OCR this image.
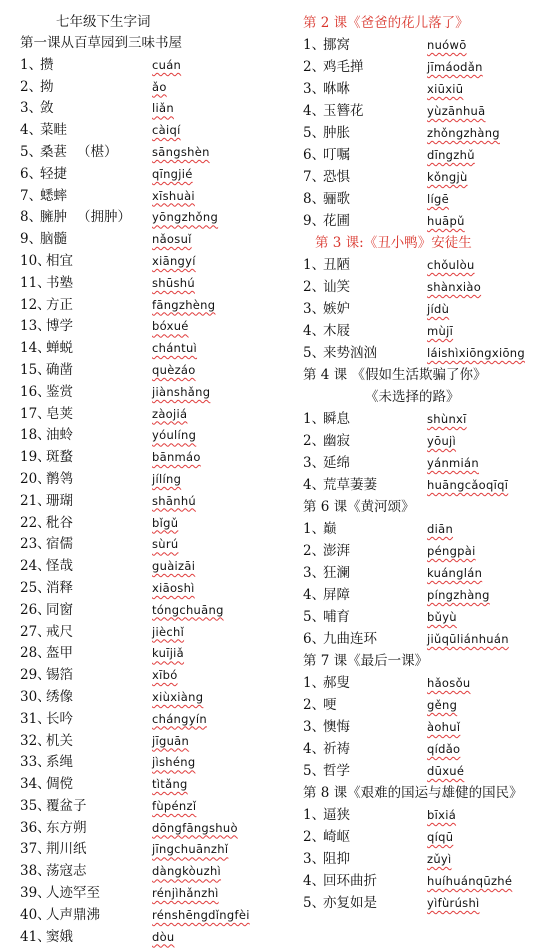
七年级下生字词
第一课从百草园到三味书屋
1、
攒	cuán
2、
拗	ǎo
3、
敛	liǎn
4、
菜畦	càiqí
5、
桑葚 （椹）	sāngshèn
6、
轻捷	qīngjié
7、
蟋蟀	xīshuài
8、
臃肿 （拥肿） yōngzhǒng
9、
脑髓	nǎosuǐ
10、
相宜	xiāngyí
11、
书塾	shūshú
12、
方正	fāngzhèng
13、
博学	bóxué
14、
蝉蜕	chántuì
15、
确凿	quèzáo
16、
鉴赏	jiànshǎng
17、
皂荚	zàojiá
18、
油蛉	yóulíng
19、
斑蝥	bānmáo
20、
鹡鸰	jílíng
21、
珊瑚	shānhú
22、
秕谷	bǐgǔ
23、
宿儒	sùrú
24、
怪哉	guàizāi
25、
消释	xiāoshì
26、
同窗	tóngchuāng
27、
戒尺	jièchǐ
28、
盔甲	kuījiǎ
29、
锡箔	xībó
30、
绣像	xiùxiàng
31、
长吟	chángyín
32、
机关	jīguān
33、
系绳	jìshéng
34、
倜傥	tìtǎng
35、
覆盆子	fùpénzǐ
36、
东方朔	dōngfāngshuò
37、
荆川纸	jīngchuānzhǐ
38、
荡寇志	dàngkòuzhì
39、
人迹罕至	rénjìhǎnzhì
40、
人声鼎沸	rénshēngdǐngfèi
41、
窦娥	dòu
第 2 课《爸爸的花儿落了》
1、
挪窝	nuówō
2、
鸡毛掸	jīmáodǎn
3、
咻咻	xiūxiū
4、
玉簪花	yùzānhuā
5、
肿胀	zhǒngzhàng
6、
叮嘱	dīngzhǔ
7、
恐惧	kǒngjù
8、
骊歌	lígē
9、
花圃	huāpǔ
第 3 课:《丑小鸭》安徒生
1、
丑陋	chǒulòu
2、
讪笑	shànxiào
3、
嫉妒	jídù
4、
木屐	mùjī
5、
来势汹汹	láishìxiōngxiōng
第 4 课 《假如生活欺骗了你》
《未选择的路》
1、
瞬息	shùnxī
2、
幽寂	yōujì
3、
延绵	yánmián
4、
荒草萋萋	huāngcǎoqīqī
第 6 课《黄河颂》
1、
巅	diān
2、
澎湃	péngpài
3、
狂澜	kuánglán
4、
屏障	píngzhàng
5、
哺育	bǔyù
6、
九曲连环	jiǔqūliánhuán
第 7 课《最后一课》
1、
郝叟	hǎosǒu
2、
哽	gěng
3、
懊悔	àohuǐ
4、
祈祷	qídǎo
5、
哲学	dūxué
第 8 课《艰难的国运与雄健的国民》
1、
逼狭	bīxiá
2、
崎岖	qíqū
3、
阻抑	zǔyì
4、
回环曲折	huíhuánqūzhé
5、
亦复如是	yìfùrúshì
